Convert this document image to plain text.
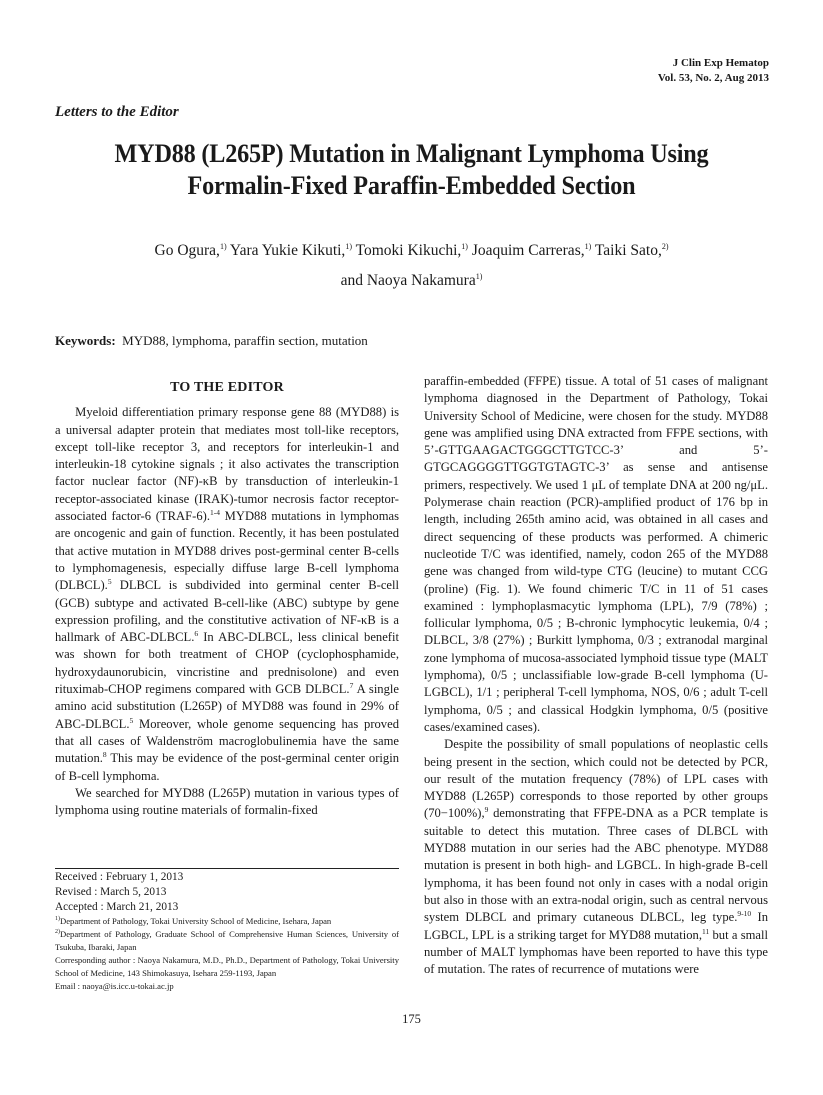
J Clin Exp Hematop
Vol. 53, No. 2, Aug 2013
Letters to the Editor
MYD88 (L265P) Mutation in Malignant Lymphoma Using
Formalin-Fixed Paraffin-Embedded Section
Go Ogura,$^{1)}$ Yara Yukie Kikuti,$^{1)}$ Tomoki Kikuchi,$^{1)}$ Joaquim Carreras,$^{1)}$ Taiki Sato,$^{2)}$
and Naoya Nakamura$^{1)}$
Keywords: MYD88, lymphoma, paraffin section, mutation
TO THE EDITOR

Myeloid differentiation primary response gene 88 (MYD88) is a universal adapter protein that mediates most toll-like receptors, except toll-like receptor 3, and receptors for interleukin-1 and interleukin-18 cytokine signals ; it also activates the transcription factor nuclear factor (NF)-κB by transduction of interleukin-1 receptor-associated kinase (IRAK)-tumor necrosis factor receptor-associated factor-6 (TRAF-6).$^{1-4}$ MYD88 mutations in lymphomas are oncogenic and gain of function. Recently, it has been postulated that active mutation in MYD88 drives post-germinal center B-cells to lymphomagenesis, especially diffuse large B-cell lymphoma (DLBCL).$^5$ DLBCL is subdivided into germinal center B-cell (GCB) subtype and activated B-cell-like (ABC) subtype by gene expression profiling, and the constitutive activation of NF-κB is a hallmark of ABC-DLBCL.$^6$ In ABC-DLBCL, less clinical benefit was shown for both treatment of CHOP (cyclophosphamide, hydroxydaunorubicin, vincristine and prednisolone) and even rituximab-CHOP regimens compared with GCB DLBCL.$^7$ A single amino acid substitution (L265P) of MYD88 was found in 29% of ABC-DLBCL.$^5$ Moreover, whole genome sequencing has proved that all cases of Waldenström macroglobulinemia have the same mutation.$^8$ This may be evidence of the post-germinal center origin of B-cell lymphoma.

We searched for MYD88 (L265P) mutation in various types of lymphoma using routine materials of formalin-fixed

paraffin-embedded (FFPE) tissue. A total of 51 cases of malignant lymphoma diagnosed in the Department of Pathology, Tokai University School of Medicine, were chosen for the study. MYD88 gene was amplified using DNA extracted from FFPE sections, with 5’-GTTGAAGACTGGGCTTGTCC-3’ and 5’-GTGCAGGGGTTGGTGTAGTC-3’ as sense and antisense primers, respectively. We used 1 μL of template DNA at 200 ng/μL. Polymerase chain reaction (PCR)-amplified product of 176 bp in length, including 265th amino acid, was obtained in all cases and direct sequencing of these products was performed. A chimeric nucleotide T/C was identified, namely, codon 265 of the MYD88 gene was changed from wild-type CTG (leucine) to mutant CCG (proline) (Fig. 1). We found chimeric T/C in 11 of 51 cases examined : lymphoplasmacytic lymphoma (LPL), 7/9 (78%) ; follicular lymphoma, 0/5 ; B-chronic lymphocytic leukemia, 0/4 ; DLBCL, 3/8 (27%) ; Burkitt lymphoma, 0/3 ; extranodal marginal zone lymphoma of mucosa-associated lymphoid tissue type (MALT lymphoma), 0/5 ; unclassifiable low-grade B-cell lymphoma (U-LGBCL), 1/1 ; peripheral T-cell lymphoma, NOS, 0/6 ; adult T-cell lymphoma, 0/5 ; and classical Hodgkin lymphoma, 0/5 (positive cases/examined cases).

Despite the possibility of small populations of neoplastic cells being present in the section, which could not be detected by PCR, our result of the mutation frequency (78%) of LPL cases with MYD88 (L265P) corresponds to those reported by other groups (70−100%),$^9$ demonstrating that FFPE-DNA as a PCR template is suitable to detect this mutation. Three cases of DLBCL with MYD88 mutation in our series had the ABC phenotype. MYD88 mutation is present in both high- and LGBCL. In high-grade B-cell lymphoma, it has been found not only in cases with a nodal origin but also in those with an extra-nodal origin, such as central nervous system DLBCL and primary cutaneous DLBCL, leg type.$^{9-10}$ In LGBCL, LPL is a striking target for MYD88 mutation,$^{11}$ but a small number of MALT lymphomas have been reported to have this type of mutation. The rates of recurrence of mutations were

Received : February 1, 2013
Revised : March 5, 2013
Accepted : March 21, 2013
$^{1)}$Department of Pathology, Tokai University School of Medicine, Isehara, Japan
$^{2)}$Department of Pathology, Graduate School of Comprehensive Human Sciences, University of Tsukuba, Ibaraki, Japan
Corresponding author : Naoya Nakamura, M.D., Ph.D., Department of Pathology, Tokai University School of Medicine, 143 Shimokasuya, Isehara 259-1193, Japan
Email : naoya@is.icc.u-tokai.ac.jp
175
